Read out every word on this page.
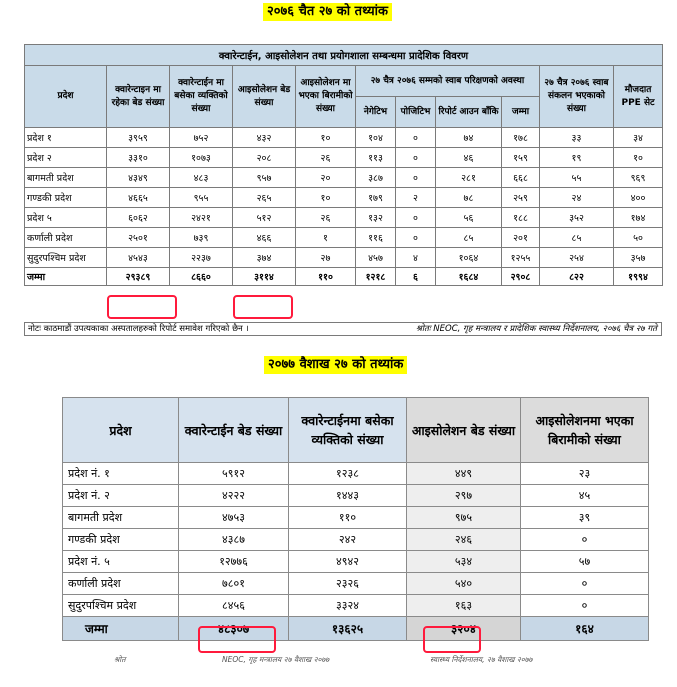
२०७६ चैत २७ को तथ्यांक
क्वारेन्टाईन, आइसोलेशन तथा प्रयोगशाला सम्बन्धमा प्रादेशिक विवरण										
प्रदेश	क्वारेन्टाइन मा रहेका बेड संख्या	क्वारेन्टाईन मा बसेका व्यक्तिको संख्या	आइसोलेशन बेड संख्या	आइसोलेशन मा भएका बिरामीको संख्या	२७ चैत्र २०७६ सम्मको स्वाब परिक्षणको अवस्था				२७ चैत्र २०७६ स्वाब संकलन भएकाको संख्या	मौजदात PPE सेट
					नेगेटिभ	पोजिटिभ	रिपोर्ट आउन बाँकि	जम्मा		
प्रदेश १	३९५९	७५२	४३२	१०	१०४	०	७४	१७८	३३	३४
प्रदेश २	३३१०	१०७३	२०८	२६	११३	०	४६	१५९	१९	१०
बागमती प्रदेश	४३४९	४८३	९५७	२०	३८७	०	२८१	६६८	५५	९६९
गण्डकी प्रदेश	४६६५	९५५	२६५	१०	१७९	२	७८	२५९	२४	४००
प्रदेश ५	६०६२	२४२१	५१२	२६	१३२	०	५६	१८८	३५२	१७४
कर्णाली प्रदेश	२५०१	७३९	४६६	१	११६	०	८५	२०१	८५	५०
सुदुरपश्चिम प्रदेश	४५४३	२२३७	३७४	२७	४५७	४	१०६४	१२५५	२५४	३५७
जम्मा	२९३८९	८६६०	३११४	११०	१२१८	६	१६८४	२९०८	८२२	१९९४
नोटः काठमाडौं उपत्यकाका अस्पतालहरुको रिपोर्ट समावेश गरिएको छैन ।	श्रोतः NEOC, गृह मन्त्रालय र प्रादेशिक स्वास्थ्य निर्देशनालय, २०७६ चैत्र २७ गते
२०७७ वैशाख २७ को तथ्यांक
प्रदेश	क्वारेन्टाईन बेड संख्या	क्वारेन्टाईनमा बसेका व्यक्तिको संख्या	आइसोलेशन बेड संख्या	आइसोलेशनमा भएका बिरामीको संख्या
प्रदेश नं. १	५९१२	१२३८	४४९	२३
प्रदेश नं. २	४२२२	१४४३	२९७	४५
बागमती प्रदेश	४७५३	११०	९७५	३९
गण्डकी प्रदेश	४३८७	२४२	२४६	०
प्रदेश नं. ५	१२७७६	४९४२	५३४	५७
कर्णाली प्रदेश	७८०१	२३२६	५४०	०
सुदुरपश्चिम प्रदेश	८४५६	३३२४	१६३	०
जम्मा	४८३०७	१३६२५	३२०४	१६४
श्रोत	NEOC, गृह मन्त्रालय २७ वैशाख २०७७	स्वास्थ्य निर्देशनालय, २७ वैशाख २०७७
